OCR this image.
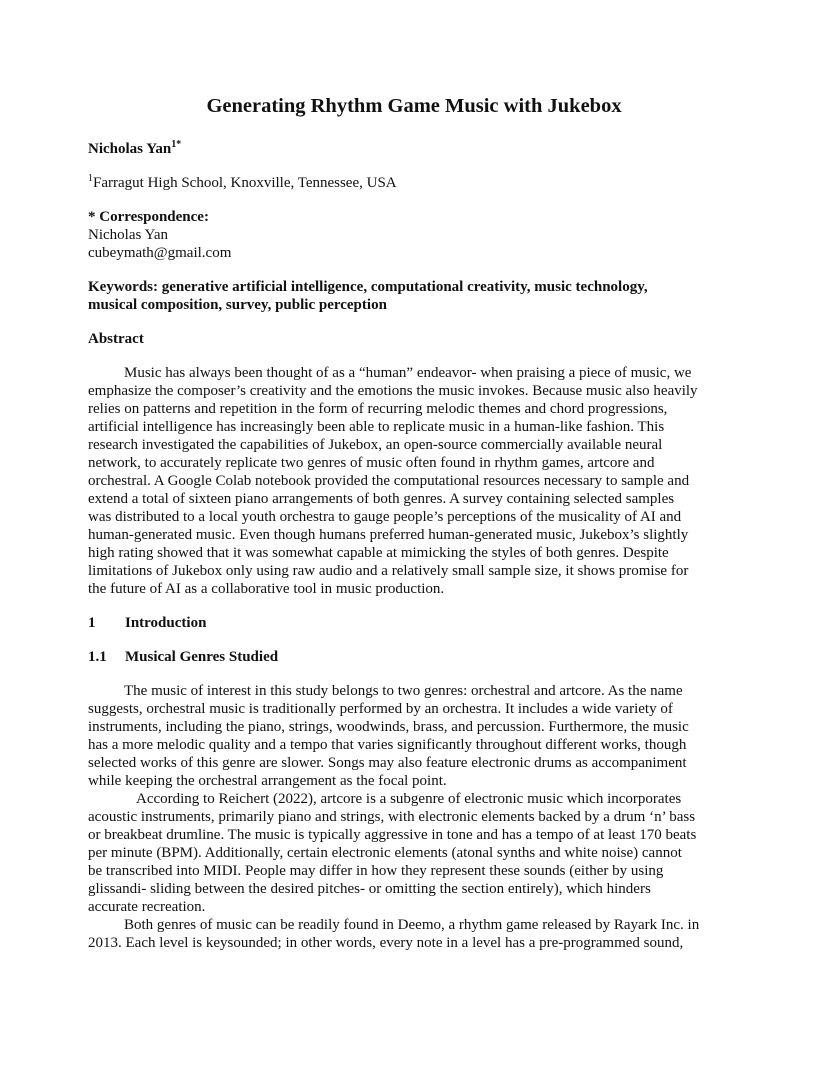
Generating Rhythm Game Music with Jukebox

Nicholas Yan$^{1*}$

$^1$Farragut High School, Knoxville, Tennessee, USA

* Correspondence:

Nicholas Yan

cubeymath@gmail.com

Keywords: generative artificial intelligence, computational creativity, music technology,
musical composition, survey, public perception

Abstract

Music has always been thought of as a “human” endeavor- when praising a piece of music, we
emphasize the composer’s creativity and the emotions the music invokes. Because music also heavily
relies on patterns and repetition in the form of recurring melodic themes and chord progressions,
artificial intelligence has increasingly been able to replicate music in a human-like fashion. This
research investigated the capabilities of Jukebox, an open-source commercially available neural
network, to accurately replicate two genres of music often found in rhythm games, artcore and
orchestral. A Google Colab notebook provided the computational resources necessary to sample and
extend a total of sixteen piano arrangements of both genres. A survey containing selected samples
was distributed to a local youth orchestra to gauge people’s perceptions of the musicality of AI and
human-generated music. Even though humans preferred human-generated music, Jukebox’s slightly
high rating showed that it was somewhat capable at mimicking the styles of both genres. Despite
limitations of Jukebox only using raw audio and a relatively small sample size, it shows promise for
the future of AI as a collaborative tool in music production.

1 Introduction

1.1 Musical Genres Studied

The music of interest in this study belongs to two genres: orchestral and artcore. As the name
suggests, orchestral music is traditionally performed by an orchestra. It includes a wide variety of
instruments, including the piano, strings, woodwinds, brass, and percussion. Furthermore, the music
has a more melodic quality and a tempo that varies significantly throughout different works, though
selected works of this genre are slower. Songs may also feature electronic drums as accompaniment
while keeping the orchestral arrangement as the focal point.
According to Reichert (2022), artcore is a subgenre of electronic music which incorporates
acoustic instruments, primarily piano and strings, with electronic elements backed by a drum ‘n’ bass
or breakbeat drumline. The music is typically aggressive in tone and has a tempo of at least 170 beats
per minute (BPM). Additionally, certain electronic elements (atonal synths and white noise) cannot
be transcribed into MIDI. People may differ in how they represent these sounds (either by using
glissandi- sliding between the desired pitches- or omitting the section entirely), which hinders
accurate recreation.
Both genres of music can be readily found in Deemo, a rhythm game released by Rayark Inc. in
2013. Each level is keysounded; in other words, every note in a level has a pre-programmed sound,
